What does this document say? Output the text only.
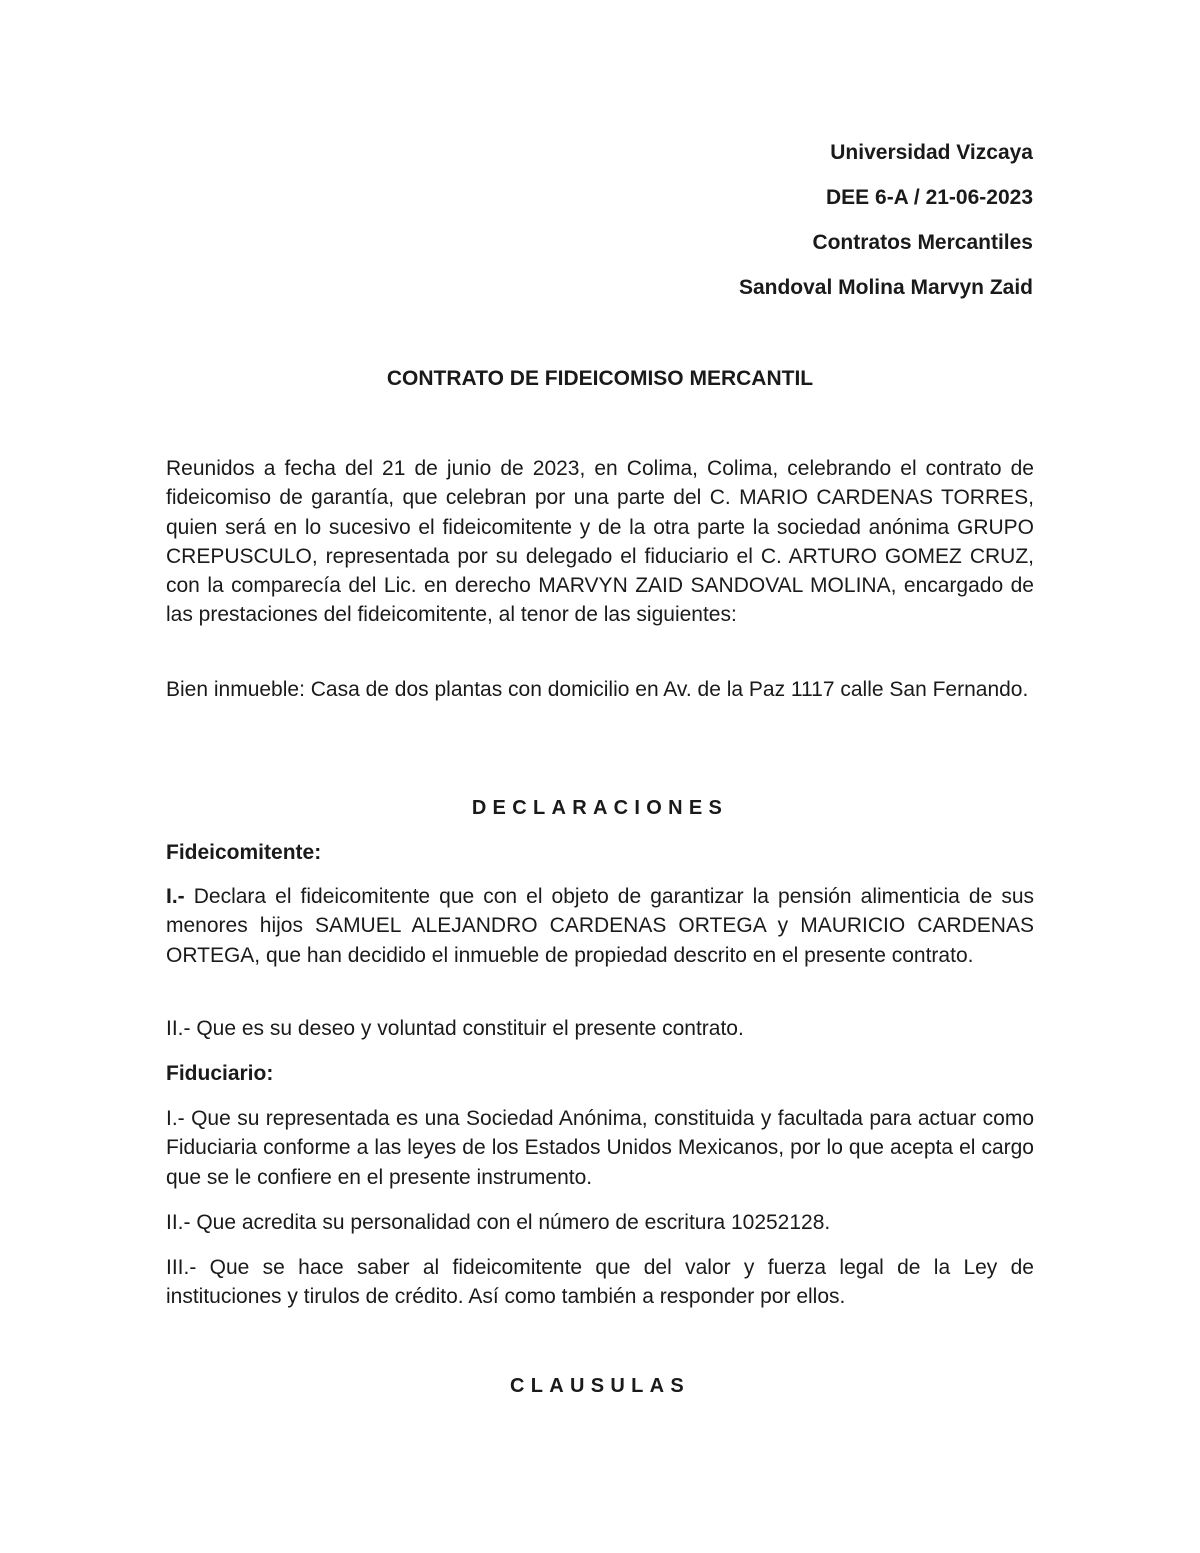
Universidad Vizcaya
DEE 6-A / 21-06-2023
Contratos Mercantiles
Sandoval Molina Marvyn Zaid
CONTRATO DE FIDEICOMISO MERCANTIL
Reunidos a fecha del 21 de junio de 2023, en Colima, Colima, celebrando el contrato de fideicomiso de garantía, que celebran por una parte del C. MARIO CARDENAS TORRES, quien será en lo sucesivo el fideicomitente y de la otra parte la sociedad anónima GRUPO CREPUSCULO, representada por su delegado el fiduciario el C. ARTURO GOMEZ CRUZ, con la comparecía del Lic. en derecho MARVYN ZAID SANDOVAL MOLINA, encargado de las prestaciones del fideicomitente, al tenor de las siguientes:
Bien inmueble: Casa de dos plantas con domicilio en Av. de la Paz 1117 calle San Fernando.
DECLARACIONES
Fideicomitente:
I.- Declara el fideicomitente que con el objeto de garantizar la pensión alimenticia de sus menores hijos SAMUEL ALEJANDRO CARDENAS ORTEGA y MAURICIO CARDENAS ORTEGA, que han decidido el inmueble de propiedad descrito en el presente contrato.
II.- Que es su deseo y voluntad constituir el presente contrato.
Fiduciario:
I.- Que su representada es una Sociedad Anónima, constituida y facultada para actuar como Fiduciaria conforme a las leyes de los Estados Unidos Mexicanos, por lo que acepta el cargo que se le confiere en el presente instrumento.
II.- Que acredita su personalidad con el número de escritura 10252128.
III.- Que se hace saber al fideicomitente que del valor y fuerza legal de la Ley de instituciones y tirulos de crédito. Así como también a responder por ellos.
CLAUSULAS
